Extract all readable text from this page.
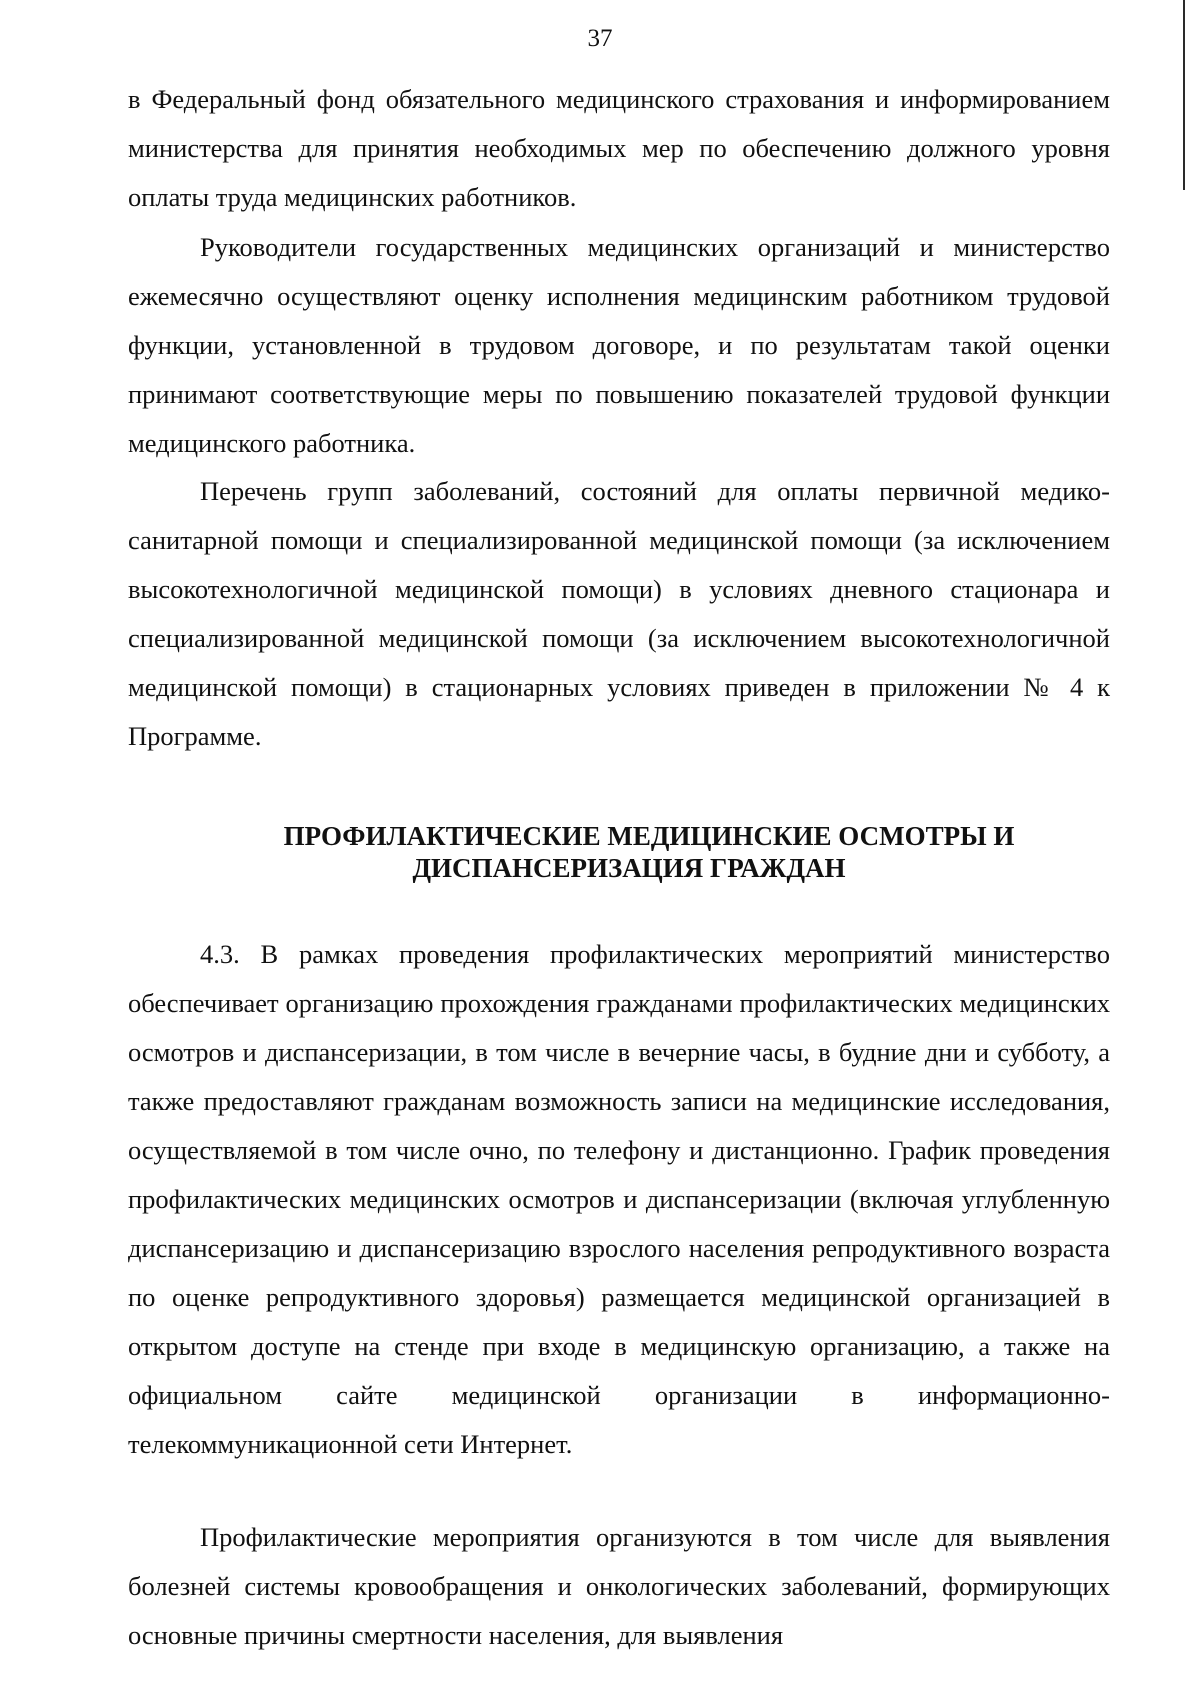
37

в Федеральный фонд обязательного медицинского страхования и информированием министерства для принятия необходимых мер по обеспечению должного уровня оплаты труда медицинских работников.

Руководители государственных медицинских организаций и министерство ежемесячно осуществляют оценку исполнения медицинским работником трудовой функции, установленной в трудовом договоре, и по результатам такой оценки принимают соответствующие меры по повышению показателей трудовой функции медицинского работника.

Перечень групп заболеваний, состояний для оплаты первичной медико-санитарной помощи и специализированной медицинской помощи (за исключением высокотехнологичной медицинской помощи) в условиях дневного стационара и специализированной медицинской помощи (за исключением высокотехнологичной медицинской помощи) в стационарных условиях приведен в приложении № 4 к Программе.

ПРОФИЛАКТИЧЕСКИЕ МЕДИЦИНСКИЕ ОСМОТРЫ И
ДИСПАНСЕРИЗАЦИЯ ГРАЖДАН

4.3. В рамках проведения профилактических мероприятий министерство обеспечивает организацию прохождения гражданами профилактических медицинских осмотров и диспансеризации, в том числе в вечерние часы, в будние дни и субботу, а также предоставляют гражданам возможность записи на медицинские исследования, осуществляемой в том числе очно, по телефону и дистанционно. График проведения профилактических медицинских осмотров и диспансеризации (включая углубленную диспансеризацию и диспансеризацию взрослого населения репродуктивного возраста по оценке репродуктивного здоровья) размещается медицинской организацией в открытом доступе на стенде при входе в медицинскую организацию, а также на официальном сайте медицинской организации в информационно-телекоммуникационной сети Интернет.

Профилактические мероприятия организуются в том числе для выявления болезней системы кровообращения и онкологических заболеваний, формирующих основные причины смертности населения, для выявления
